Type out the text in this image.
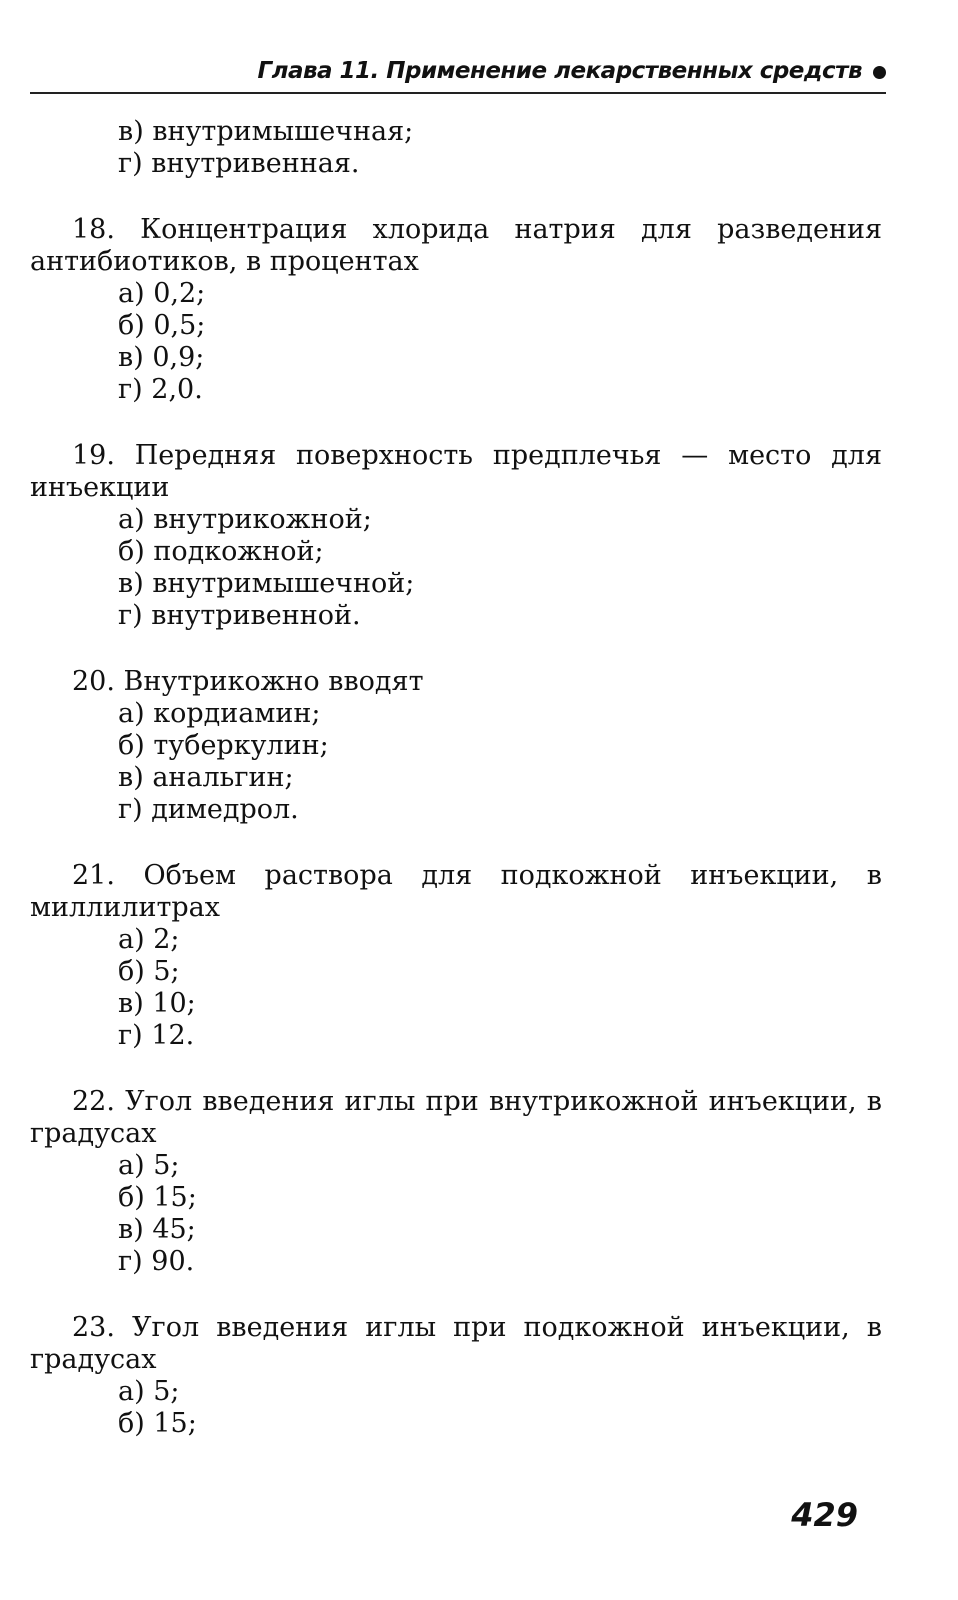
Глава 11. Применение лекарственных средств
в) внутримышечная;
г) внутривенная.
18. Концентрация хлорида натрия для разведения антибиотиков, в процентах
а) 0,2;
б) 0,5;
в) 0,9;
г) 2,0.
19. Передняя поверхность предплечья — место для инъекции
а) внутрикожной;
б) подкожной;
в) внутримышечной;
г) внутривенной.
20. Внутрикожно вводят
а) кордиамин;
б) туберкулин;
в) анальгин;
г) димедрол.
21. Объем раствора для подкожной инъекции, в миллилитрах
а) 2;
б) 5;
в) 10;
г) 12.
22. Угол введения иглы при внутрикожной инъекции, в градусах
а) 5;
б) 15;
в) 45;
г) 90.
23. Угол введения иглы при подкожной инъекции, в градусах
а) 5;
б) 15;
429
